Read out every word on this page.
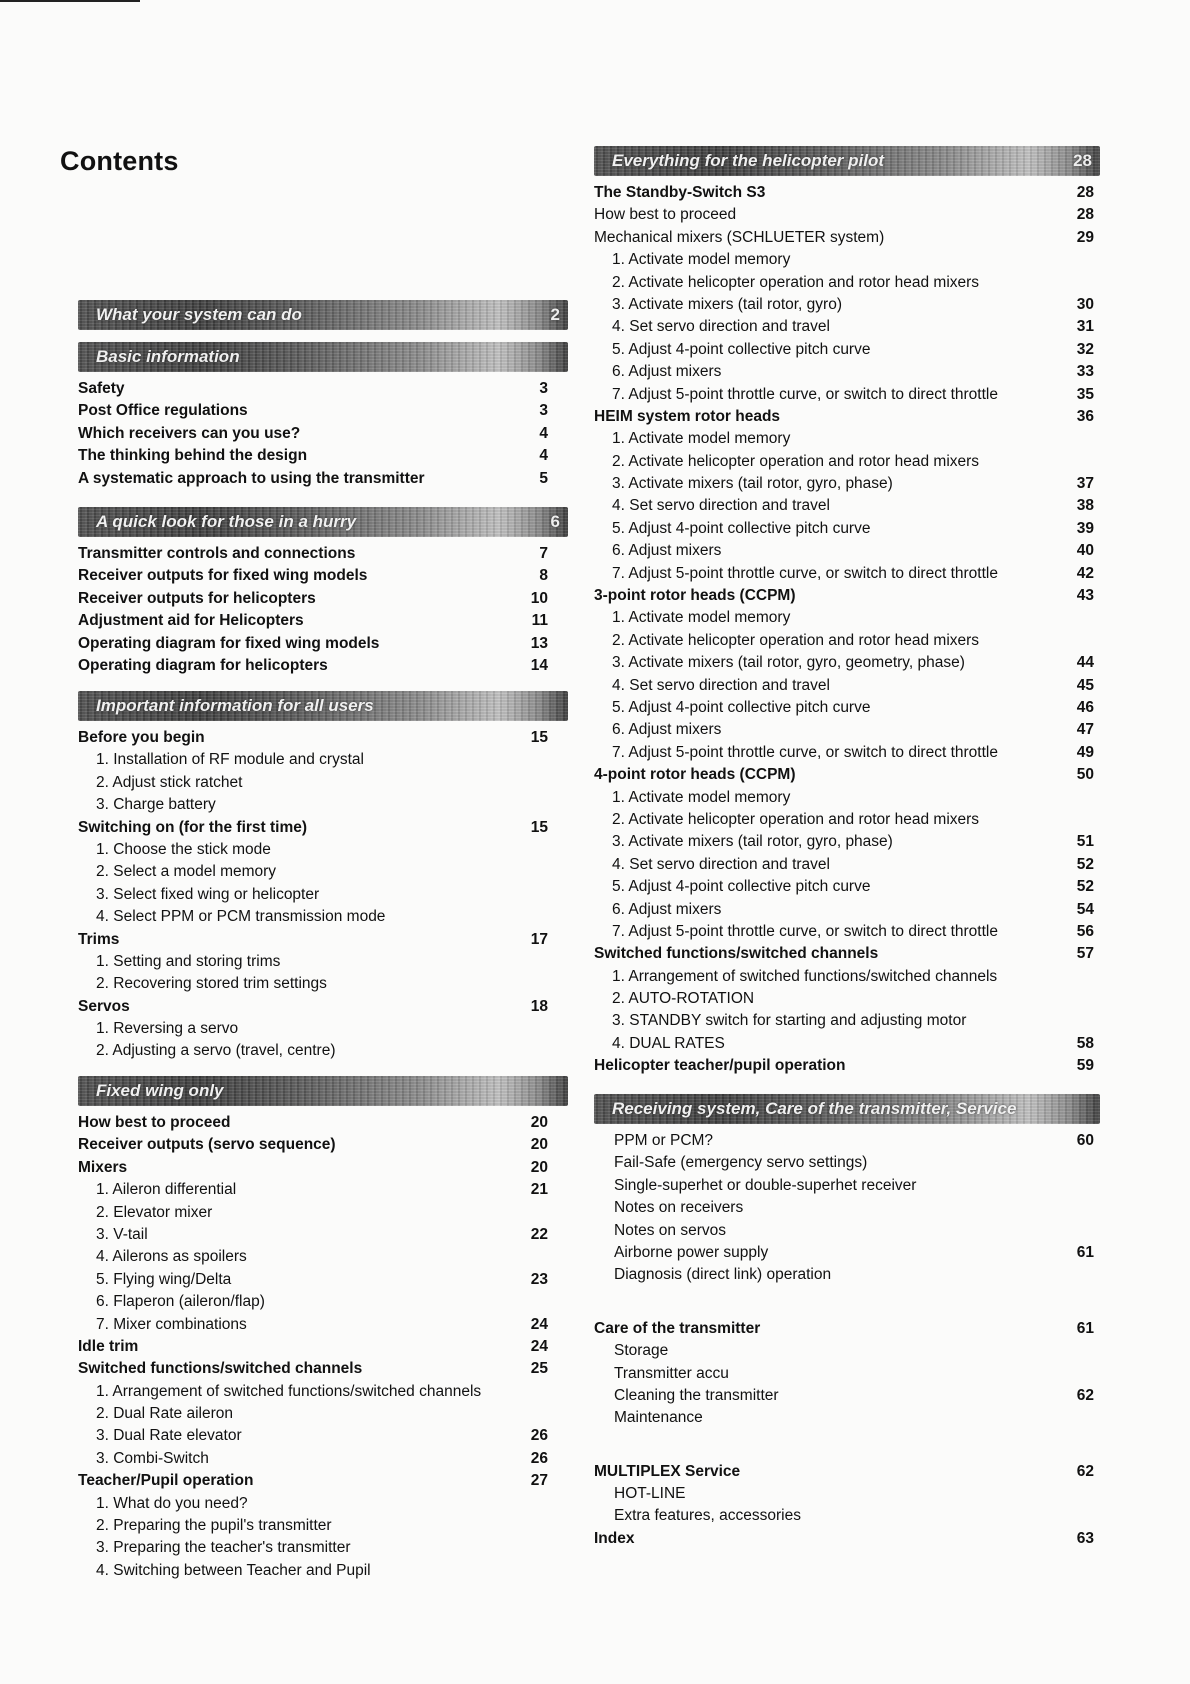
Contents
What your system can do	2
Basic information
Safety	3
Post Office regulations	3
Which receivers can you use?	4
The thinking behind the design	4
A systematic approach to using the transmitter	5
A quick look for those in a hurry	6
Transmitter controls and connections	7
Receiver outputs for fixed wing models	8
Receiver outputs for helicopters	10
Adjustment aid for Helicopters	11
Operating diagram for fixed wing models	13
Operating diagram for helicopters	14
Important information for all users
Before you begin	15
1. Installation of RF module and crystal
2. Adjust stick ratchet
3. Charge battery
Switching on (for the first time)	15
1. Choose the stick mode
2. Select a model memory
3. Select fixed wing or helicopter
4. Select PPM or PCM transmission mode
Trims	17
1. Setting and storing trims
2. Recovering stored trim settings
Servos	18
1. Reversing a servo
2. Adjusting a servo (travel, centre)
Fixed wing only
How best to proceed	20
Receiver outputs (servo sequence)	20
Mixers	20
1. Aileron differential	21
2. Elevator mixer
3. V-tail	22
4. Ailerons as spoilers
5. Flying wing/Delta	23
6. Flaperon (aileron/flap)
7. Mixer combinations	24
Idle trim	24
Switched functions/switched channels	25
1. Arrangement of switched functions/switched channels
2. Dual Rate aileron
3. Dual Rate elevator	26
3. Combi-Switch	26
Teacher/Pupil operation	27
1. What do you need?
2. Preparing the pupil's transmitter
3. Preparing the teacher's transmitter
4. Switching between Teacher and Pupil
Everything for the helicopter pilot	28
The Standby-Switch S3	28
How best to proceed	28
Mechanical mixers (SCHLUETER system)	29
1. Activate model memory
2. Activate helicopter operation and rotor head mixers
3. Activate mixers (tail rotor, gyro)	30
4. Set servo direction and travel	31
5. Adjust 4-point collective pitch curve	32
6. Adjust mixers	33
7. Adjust 5-point throttle curve, or switch to direct throttle	35
HEIM system rotor heads	36
1. Activate model memory
2. Activate helicopter operation and rotor head mixers
3. Activate mixers (tail rotor, gyro, phase)	37
4. Set servo direction and travel	38
5. Adjust 4-point collective pitch curve	39
6. Adjust mixers	40
7. Adjust 5-point throttle curve, or switch to direct throttle	42
3-point rotor heads (CCPM)	43
1. Activate model memory
2. Activate helicopter operation and rotor head mixers
3. Activate mixers (tail rotor, gyro, geometry, phase)	44
4. Set servo direction and travel	45
5. Adjust 4-point collective pitch curve	46
6. Adjust mixers	47
7. Adjust 5-point throttle curve, or switch to direct throttle	49
4-point rotor heads (CCPM)	50
1. Activate model memory
2. Activate helicopter operation and rotor head mixers
3. Activate mixers (tail rotor, gyro, phase)	51
4. Set servo direction and travel	52
5. Adjust 4-point collective pitch curve	52
6. Adjust mixers	54
7. Adjust 5-point throttle curve, or switch to direct throttle	56
Switched functions/switched channels	57
1. Arrangement of switched functions/switched channels
2. AUTO-ROTATION
3. STANDBY switch for starting and adjusting motor
4. DUAL RATES	58
Helicopter teacher/pupil operation	59
Receiving system, Care of the transmitter, Service
PPM or PCM?	60
Fail-Safe (emergency servo settings)
Single-superhet or double-superhet receiver
Notes on receivers
Notes on servos
Airborne power supply	61
Diagnosis (direct link) operation
Care of the transmitter	61
Storage
Transmitter accu
Cleaning the transmitter	62
Maintenance
MULTIPLEX Service	62
HOT-LINE
Extra features, accessories
Index	63
